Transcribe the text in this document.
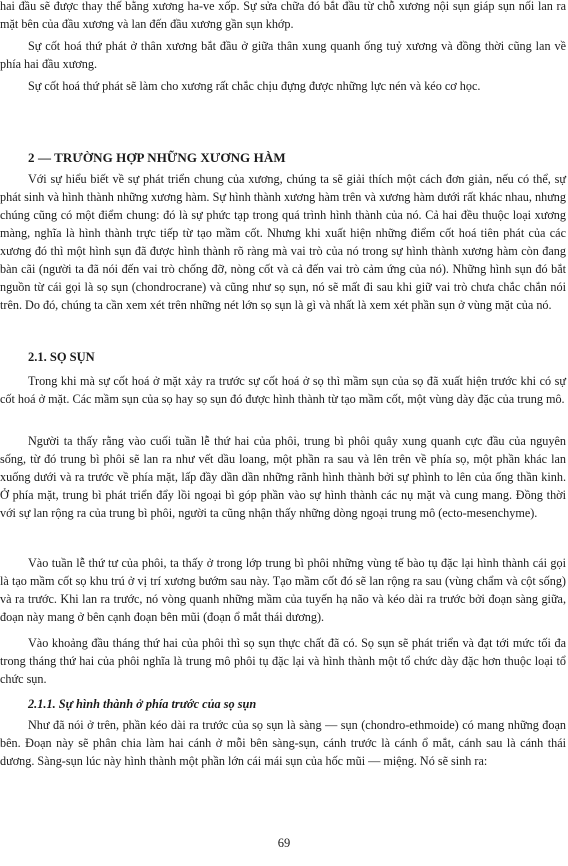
hai đầu sẽ được thay thế bằng xương ha-ve xốp. Sự sửa chữa đó bắt đầu từ chỗ xương nội sụn giáp sụn nối lan ra mặt bên của đầu xương và lan đến đầu xương gần sụn khớp.

Sự cốt hoá thứ phát ở thân xương bắt đầu ở giữa thân xung quanh ống tuỷ xương và đồng thời cũng lan về phía hai đầu xương.

Sự cốt hoá thứ phát sẽ làm cho xương rất chắc chịu đựng được những lực nén và kéo cơ học.

2 — TRƯỜNG HỢP NHỮNG XƯƠNG HÀM

Với sự hiểu biết về sự phát triển chung của xương, chúng ta sẽ giải thích một cách đơn giản, nếu có thể, sự phát sinh và hình thành những xương hàm. Sự hình thành xương hàm trên và xương hàm dưới rất khác nhau, nhưng chúng cũng có một điểm chung: đó là sự phức tạp trong quá trình hình thành của nó. Cả hai đều thuộc loại xương màng, nghĩa là hình thành trực tiếp từ tạo mầm cốt. Nhưng khi xuất hiện những điểm cốt hoá tiên phát của các xương đó thì một hình sụn đã được hình thành rõ ràng mà vai trò của nó trong sự hình thành xương hàm còn đang bàn cãi (người ta đã nói đến vai trò chống đỡ, nòng cốt và cả đến vai trò cảm ứng của nó). Những hình sụn đó bắt nguồn từ cái gọi là sọ sụn (chondrocrane) và cũng như sọ sụn, nó sẽ mất đi sau khi giữ vai trò chưa chắc chắn nói trên. Do đó, chúng ta cần xem xét trên những nét lớn sọ sụn là gì và nhất là xem xét phần sụn ở vùng mặt của nó.

2.1. SỌ SỤN

Trong khi mà sự cốt hoá ở mặt xảy ra trước sự cốt hoá ở sọ thì mầm sụn của sọ đã xuất hiện trước khi có sự cốt hoá ở mặt. Các mầm sụn của sọ hay sọ sụn đó được hình thành từ tạo mầm cốt, một vùng dày đặc của trung mô.

Người ta thấy rằng vào cuối tuần lễ thứ hai của phôi, trung bì phôi quây xung quanh cực đầu của nguyên sống, từ đó trung bì phôi sẽ lan ra như vết dầu loang, một phần ra sau và lên trên về phía sọ, một phần khác lan xuống dưới và ra trước về phía mặt, lấp đầy dần dần những rãnh hình thành bởi sự phình to lên của ống thần kinh. Ở phía mặt, trung bì phát triển đẩy lồi ngoại bì góp phần vào sự hình thành các nụ mặt và cung mang. Đồng thời với sự lan rộng ra của trung bì phôi, người ta cũng nhận thấy những dòng ngoại trung mô (ecto-mesenchyme).

Vào tuần lễ thứ tư của phôi, ta thấy ở trong lớp trung bì phôi những vùng tế bào tụ đặc lại hình thành cái gọi là tạo mầm cốt sọ khu trú ở vị trí xương bướm sau này. Tạo mầm cốt đó sẽ lan rộng ra sau (vùng chẩm và cột sống) và ra trước. Khi lan ra trước, nó vòng quanh những mầm của tuyến hạ não và kéo dài ra trước bởi đoạn sàng giữa, đoạn này mang ở bên cạnh đoạn bên mũi (đoạn ổ mắt thái dương).

Vào khoảng đầu tháng thứ hai của phôi thì sọ sụn thực chất đã có. Sọ sụn sẽ phát triển và đạt tới mức tối đa trong tháng thứ hai của phôi nghĩa là trung mô phôi tụ đặc lại và hình thành một tổ chức dày đặc hơn thuộc loại tổ chức sụn.

2.1.1. Sự hình thành ở phía trước của sọ sụn

Như đã nói ở trên, phần kéo dài ra trước của sọ sụn là sàng — sụn (chondro-ethmoide) có mang những đoạn bên. Đoạn này sẽ phân chia làm hai cánh ở mỗi bên sàng-sụn, cánh trước là cánh ổ mắt, cánh sau là cánh thái dương. Sàng-sụn lúc này hình thành một phần lớn cái mái sụn của hốc mũi — miệng. Nó sẽ sinh ra:

69
